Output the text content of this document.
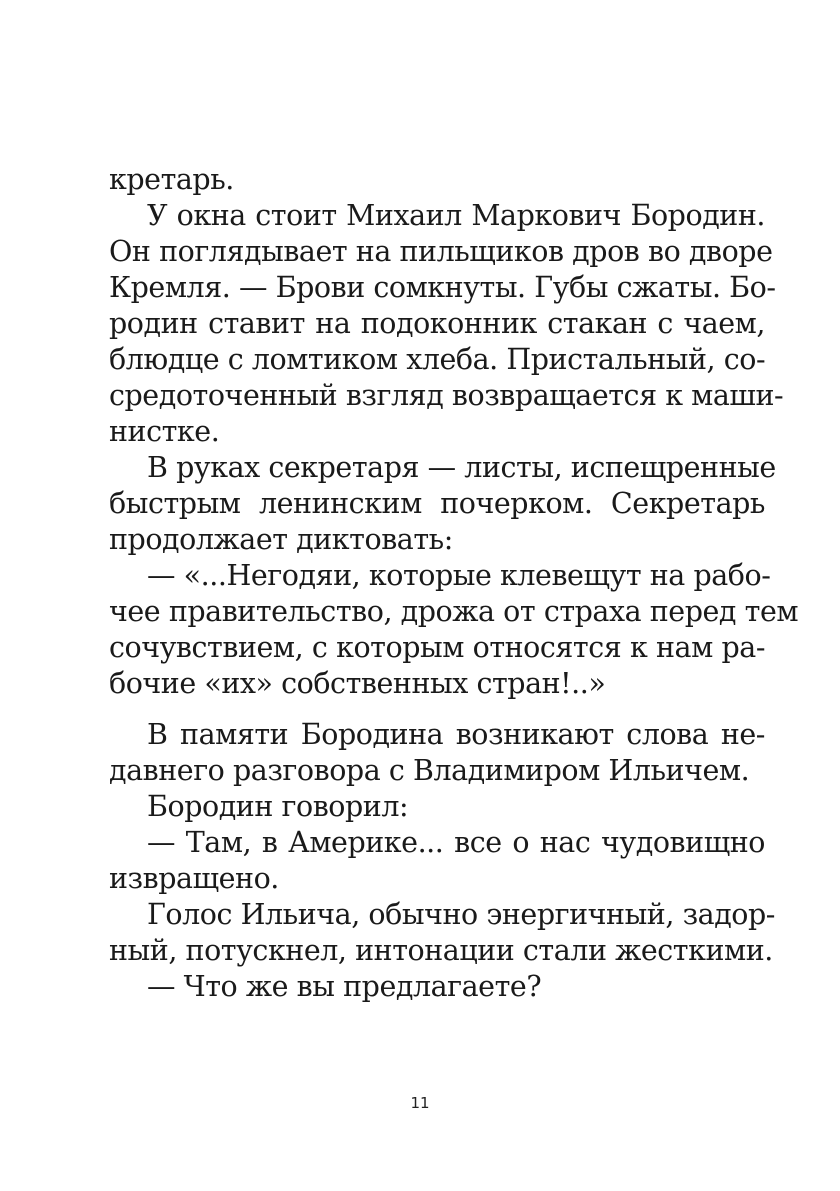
кретарь.
У окна стоит Михаил Маркович Бородин.
Он поглядывает на пильщиков дров во дворе
Кремля. — Брови сомкнуты. Губы сжаты. Бо-
родин ставит на подоконник стакан с чаем,
блюдце с ломтиком хлеба. Пристальный, со-
средоточенный взгляд возвращается к маши-
нистке.
В руках секретаря — листы, испещренные
быстрым ленинским почерком. Секретарь
продолжает диктовать:
— «...Негодяи, которые клевещут на рабо-
чее правительство, дрожа от страха перед тем
сочувствием, с которым относятся к нам ра-
бочие «их» собственных стран!..»
В памяти Бородина возникают слова не-
давнего разговора с Владимиром Ильичем.
Бородин говорил:
— Там, в Америке... все о нас чудовищно
извращено.
Голос Ильича, обычно энергичный, задор-
ный, потускнел, интонации стали жесткими.
— Что же вы предлагаете?
11
